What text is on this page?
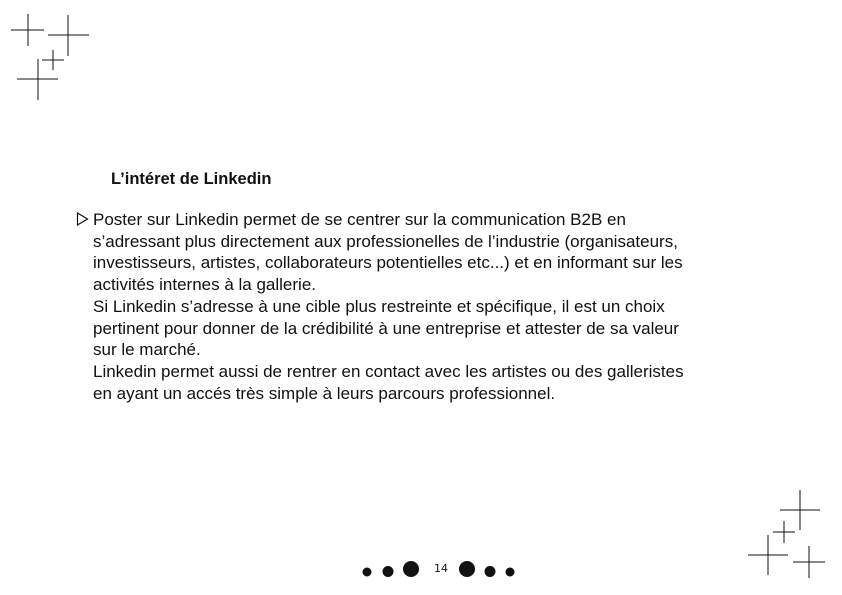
L’intéret de Linkedin
Poster sur Linkedin permet de se centrer sur la communication B2B en
s’adressant plus directement aux professionelles de l’industrie (organisateurs,
investisseurs, artistes, collaborateurs potentielles etc...) et en informant sur les
activités internes à la gallerie.
Si Linkedin s’adresse à une cible plus restreinte et spécifique, il est un choix
pertinent pour donner de la crédibilité à une entreprise et attester de sa valeur
sur le marché.
Linkedin permet aussi de rentrer en contact avec les artistes ou des galleristes
en ayant un accés très simple à leurs parcours professionnel.
14
